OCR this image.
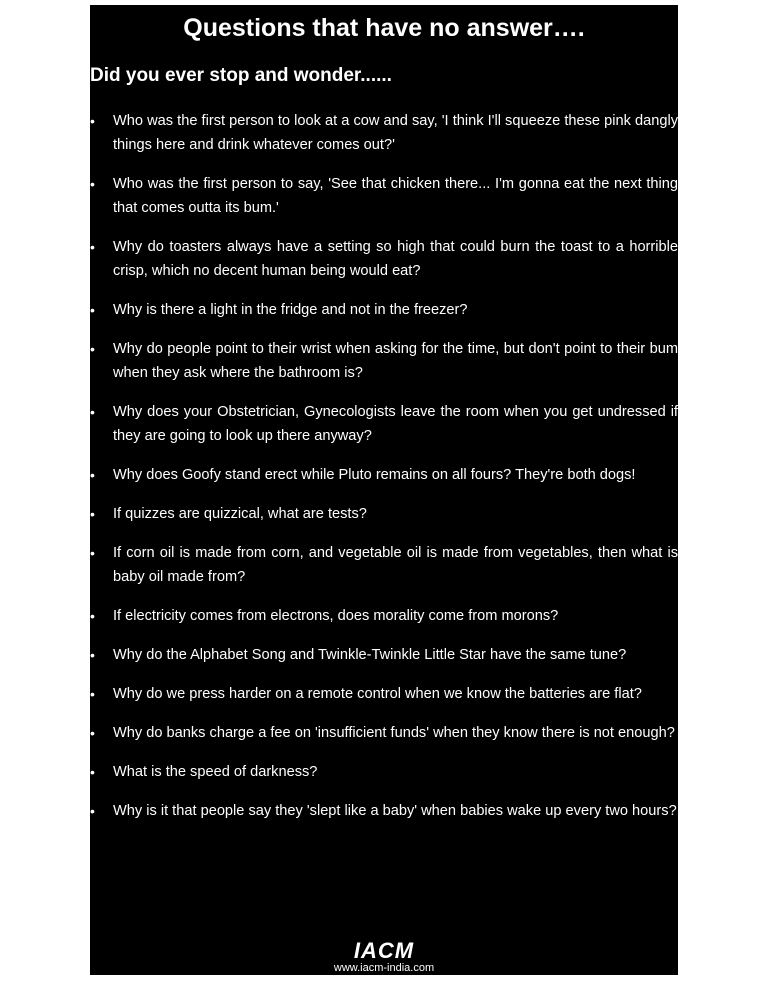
Questions that have no answer….
Did you ever stop and wonder......
• Who was the first person to look at a cow and say, 'I think I'll squeeze these pink dangly things here and drink whatever comes out?'
• Who was the first person to say, 'See that chicken there... I'm gonna eat the next thing that comes outta its bum.'
• Why do toasters always have a setting so high that could burn the toast to a horrible crisp, which no decent human being would eat?
• Why is there a light in the fridge and not in the freezer?
• Why do people point to their wrist when asking for the time, but don't point to their bum when they ask where the bathroom is?
• Why does your Obstetrician, Gynecologists leave the room when you get undressed if they are going to look up there anyway?
• Why does Goofy stand erect while Pluto remains on all fours? They're both dogs!
• If quizzes are quizzical, what are tests?
• If corn oil is made from corn, and vegetable oil is made from vegetables, then what is baby oil made from?
• If electricity comes from electrons, does morality come from morons?
• Why do the Alphabet Song and Twinkle-Twinkle Little Star have the same tune?
• Why do we press harder on a remote control when we know the batteries are flat?
• Why do banks charge a fee on 'insufficient funds' when they know there is not enough?
• What is the speed of darkness?
• Why is it that people say they 'slept like a baby' when babies wake up every two hours?
IACM
www.iacm-india.com
